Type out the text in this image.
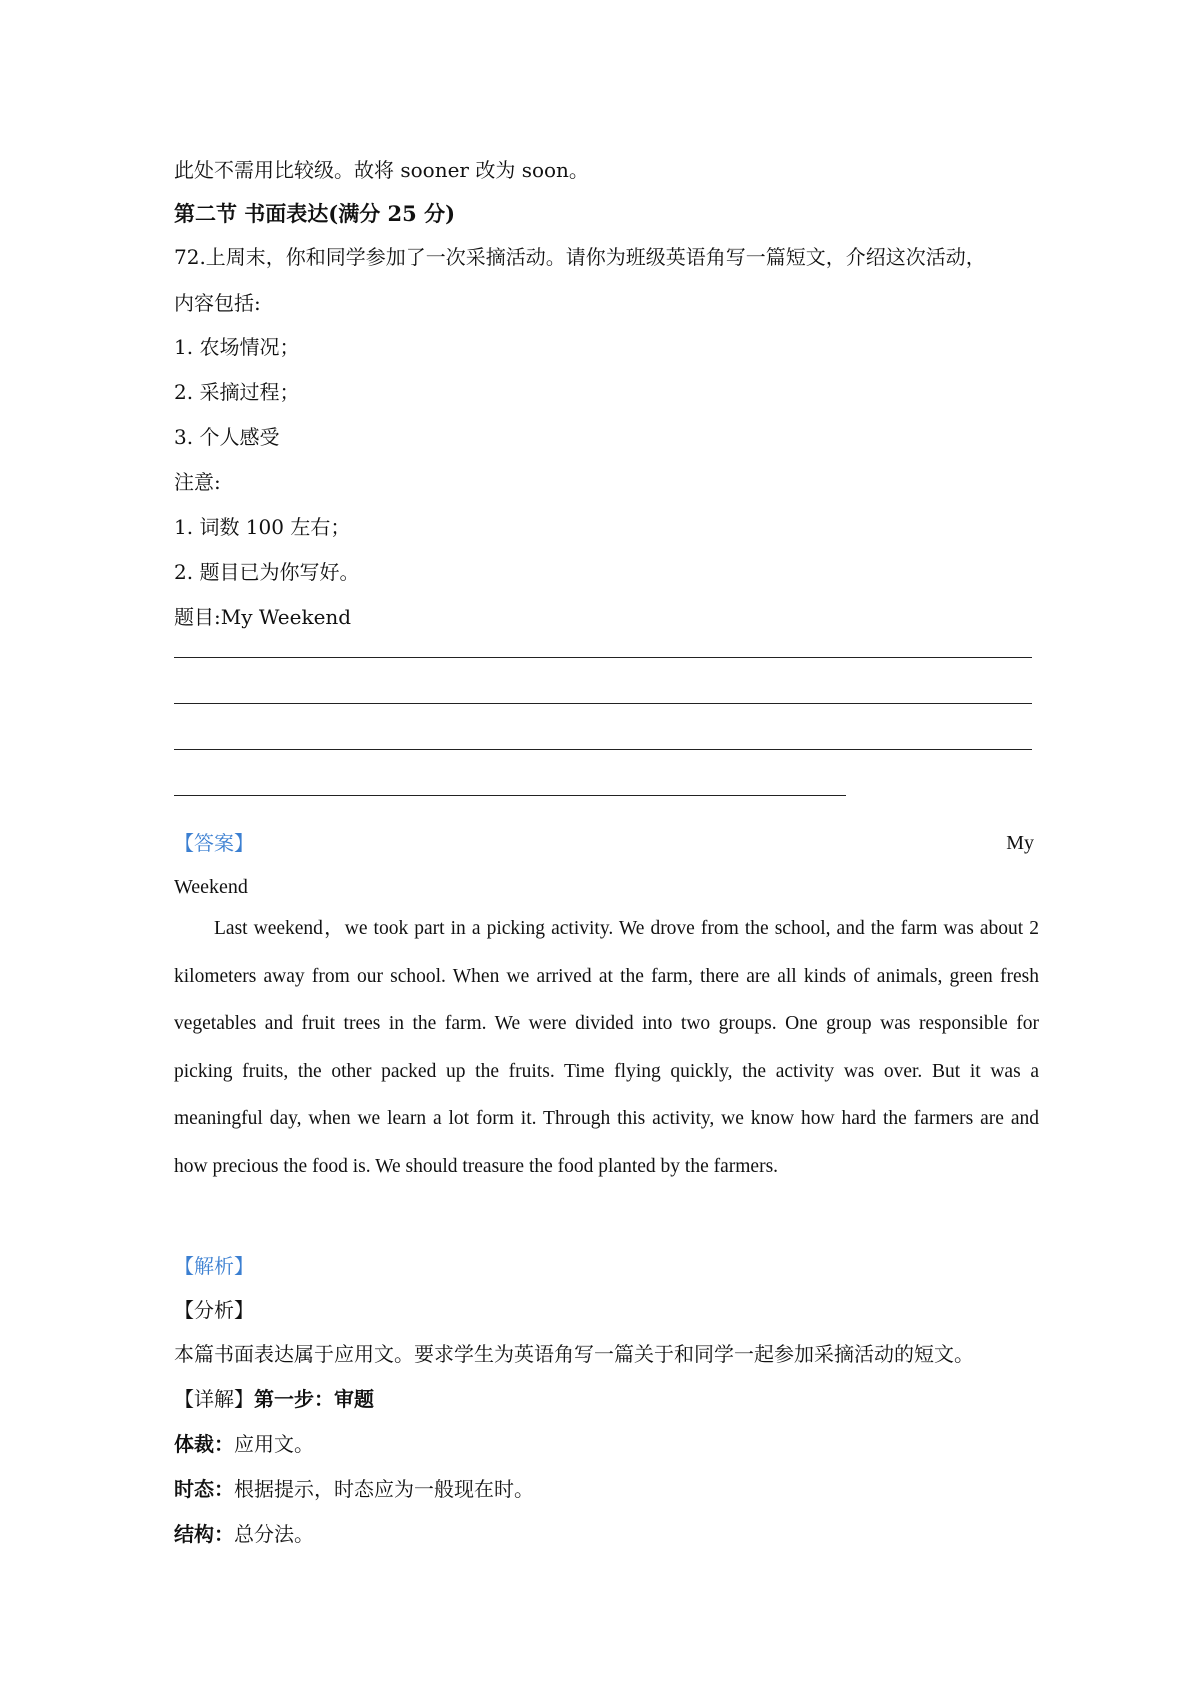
此处不需用比较级。故将 sooner 改为 soon。
第二节 书面表达(满分 25 分)
72.上周末，你和同学参加了一次采摘活动。请你为班级英语角写一篇短文，介绍这次活动，
内容包括:
1. 农场情况；
2. 采摘过程；
3. 个人感受
注意:
1. 词数 100 左右；
2. 题目已为你写好。
题目:My Weekend
【答案】	My
Weekend
Last weekend，we took part in a picking activity. We drove from the school, and the farm was about 2 kilometers away from our school. When we arrived at the farm, there are all kinds of animals, green fresh vegetables and fruit trees in the farm. We were divided into two groups. One group was responsible for picking fruits, the other packed up the fruits. Time flying quickly, the activity was over. But it was a meaningful day, when we learn a lot form it. Through this activity, we know how hard the farmers are and how precious the food is. We should treasure the food planted by the farmers.
【解析】
【分析】
本篇书面表达属于应用文。要求学生为英语角写一篇关于和同学一起参加采摘活动的短文。
【详解】第一步：审题
体裁：应用文。
时态：根据提示，时态应为一般现在时。
结构：总分法。
